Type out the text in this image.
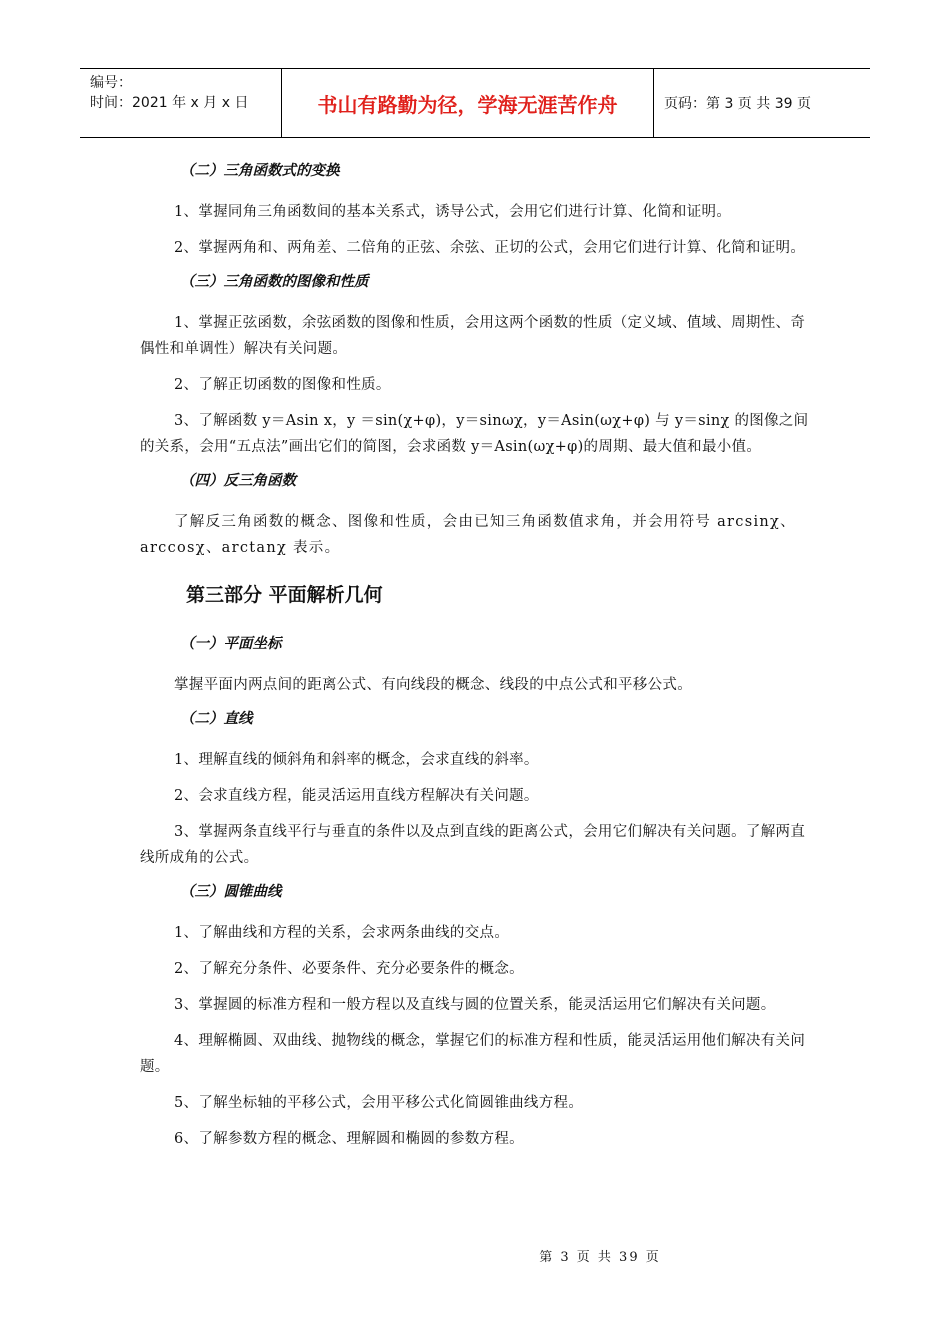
编号：
时间：2021 年 x 月 x 日	书山有路勤为径，学海无涯苦作舟	页码：第 3 页 共 39 页
（二）三角函数式的变换

1、掌握同角三角函数间的基本关系式，诱导公式，会用它们进行计算、化简和证明。

2、掌握两角和、两角差、二倍角的正弦、余弦、正切的公式，会用它们进行计算、化简和证明。

（三）三角函数的图像和性质

1、掌握正弦函数，余弦函数的图像和性质，会用这两个函数的性质（定义域、值域、周期性、奇偶性和单调性）解决有关问题。

2、了解正切函数的图像和性质。

3、了解函数 y＝Asin x，y ＝sin(χ+φ)，y＝sinωχ，y＝Asin(ωχ+φ) 与 y＝sinχ 的图像之间的关系，会用“五点法”画出它们的简图，会求函数 y＝Asin(ωχ+φ)的周期、最大值和最小值。

（四）反三角函数

了解反三角函数的概念、图像和性质，会由已知三角函数值求角，并会用符号 arcsinχ、 arccosχ、arctanχ 表示。

第三部分 平面解析几何
（一）平面坐标

掌握平面内两点间的距离公式、有向线段的概念、线段的中点公式和平移公式。

（二）直线

1、理解直线的倾斜角和斜率的概念，会求直线的斜率。

2、会求直线方程，能灵活运用直线方程解决有关问题。

3、掌握两条直线平行与垂直的条件以及点到直线的距离公式，会用它们解决有关问题。了解两直线所成角的公式。

（三）圆锥曲线

1、了解曲线和方程的关系，会求两条曲线的交点。

2、了解充分条件、必要条件、充分必要条件的概念。

3、掌握圆的标准方程和一般方程以及直线与圆的位置关系，能灵活运用它们解决有关问题。

4、理解椭圆、双曲线、抛物线的概念，掌握它们的标准方程和性质，能灵活运用他们解决有关问题。

5、了解坐标轴的平移公式，会用平移公式化简圆锥曲线方程。

6、了解参数方程的概念、理解圆和椭圆的参数方程。

第 3 页 共 39 页
